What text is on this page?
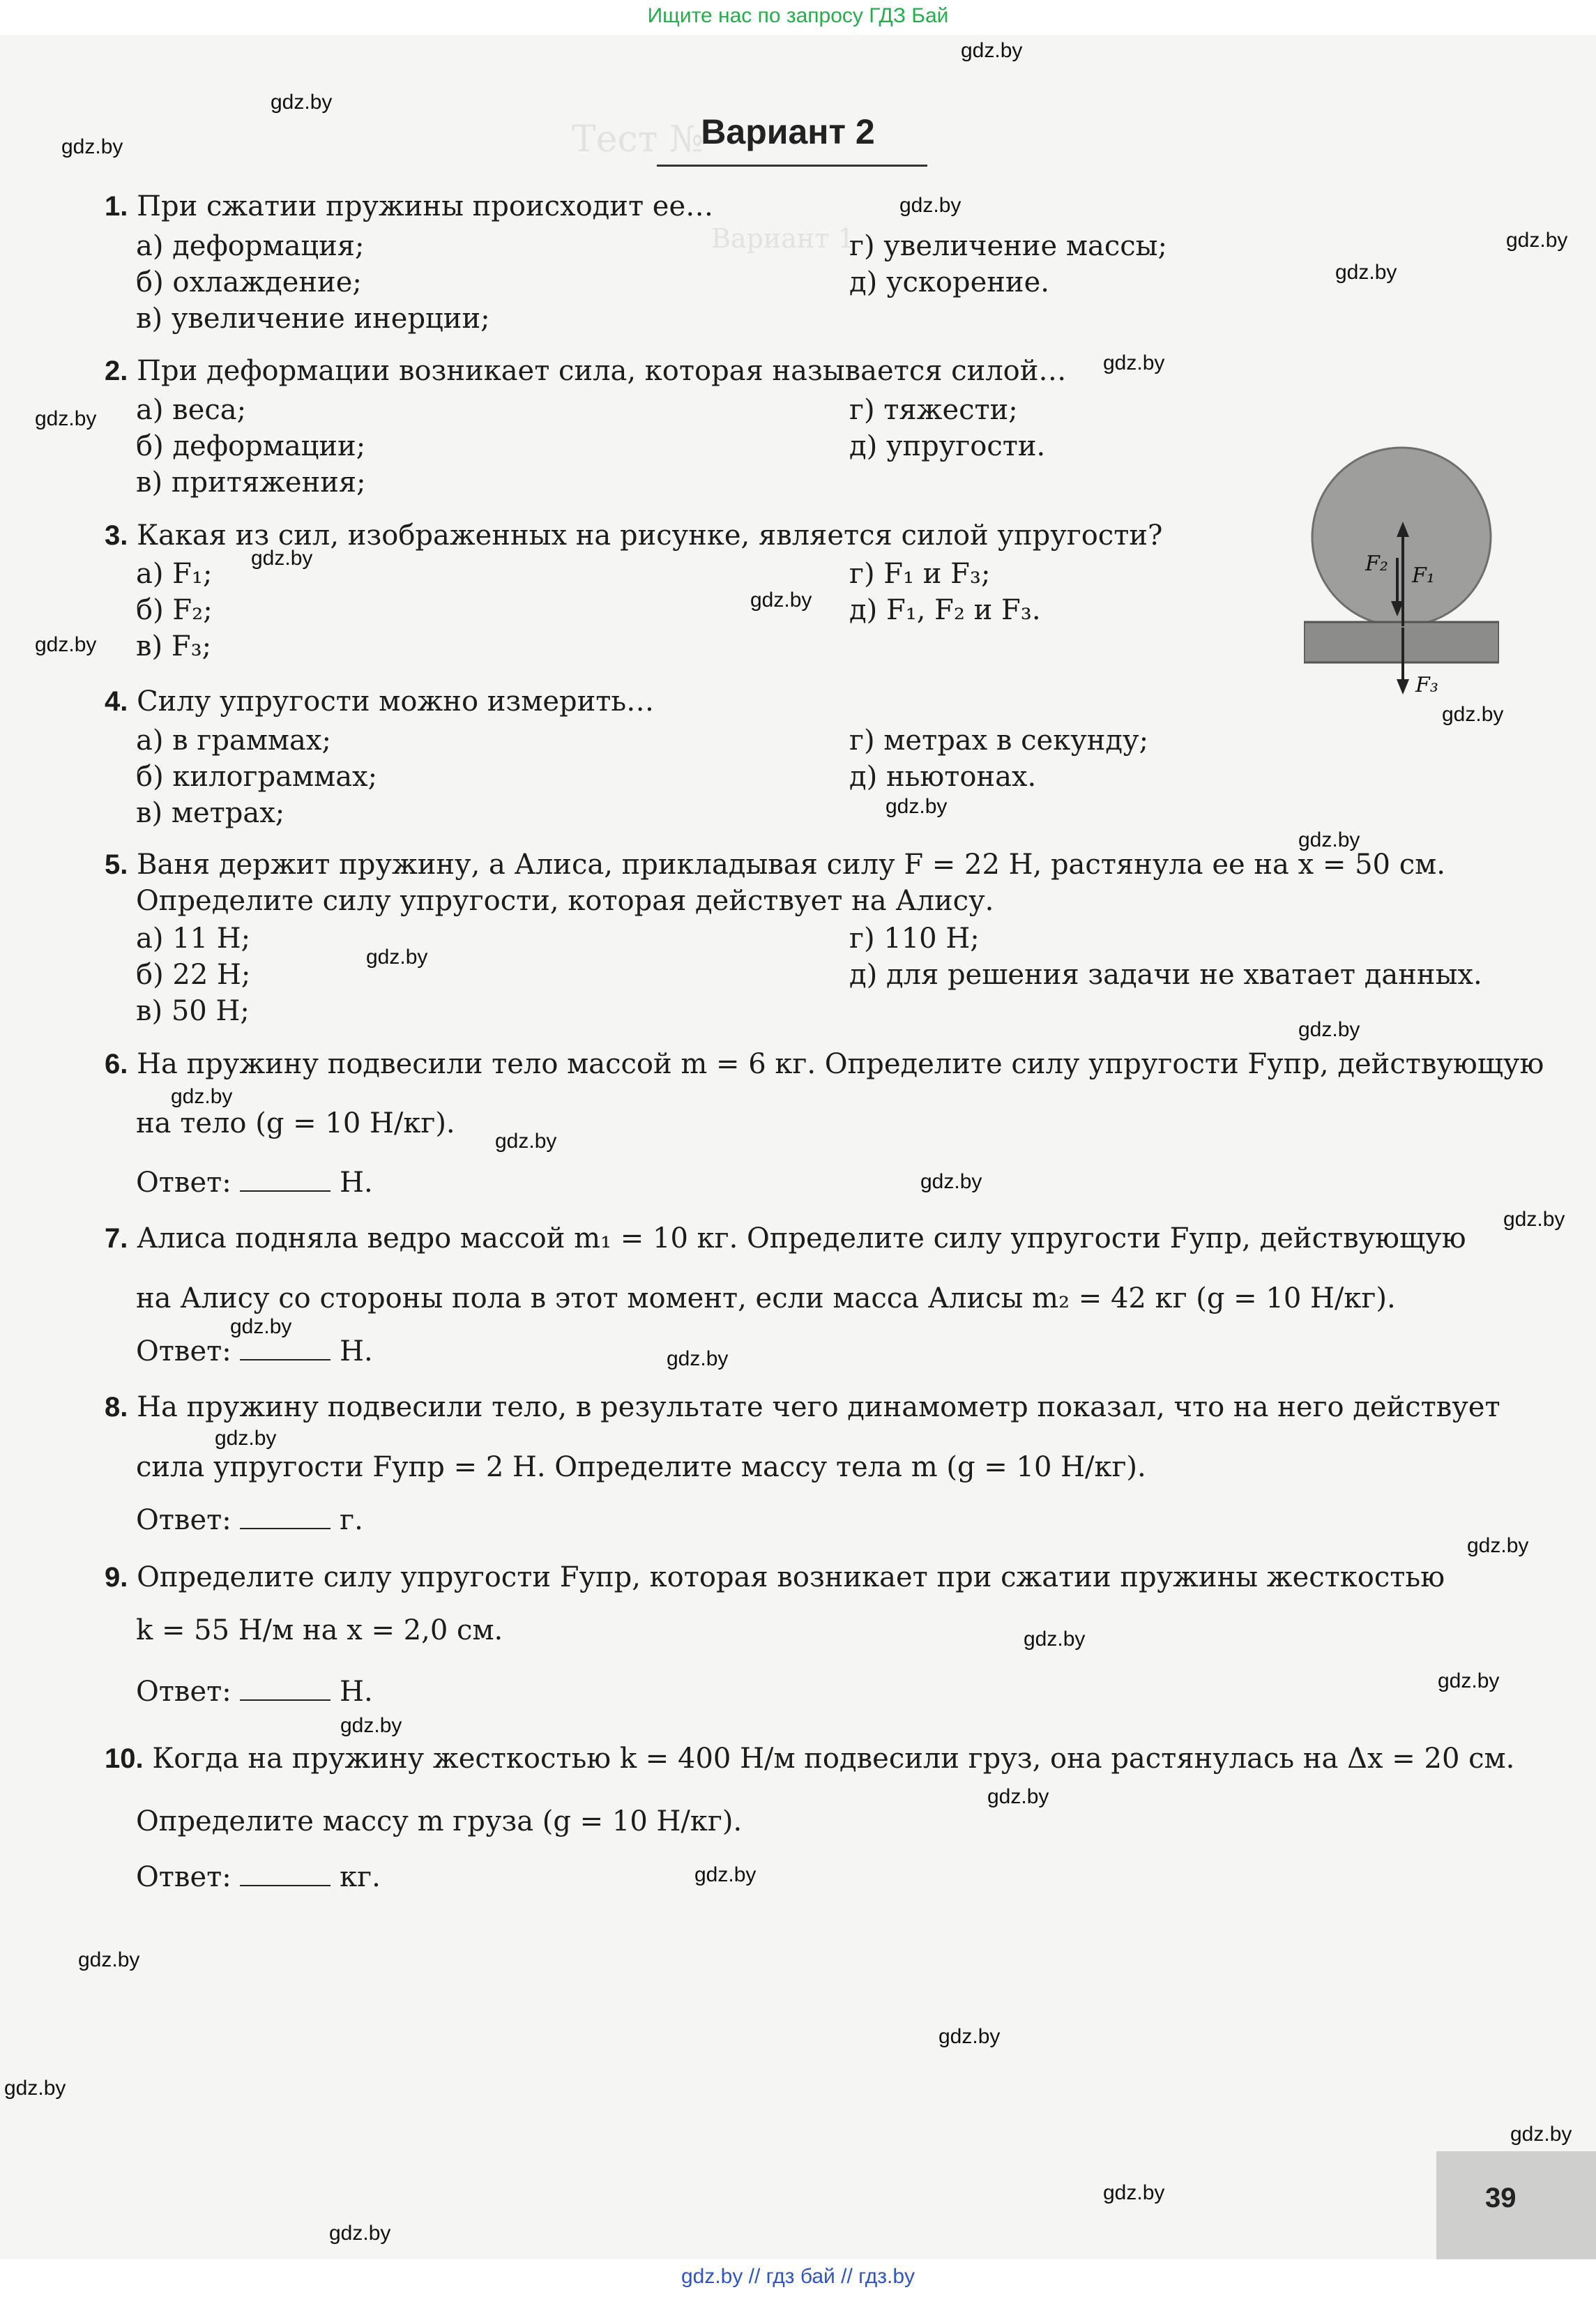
Ищите нас по запросу ГДЗ Бай
Тест №
Вариант 1
Вариант 2
1. При сжатии пружины происходит ее…
а) деформация;
б) охлаждение;
в) увеличение инерции;
г) увеличение массы;
д) ускорение.
2. При деформации возникает сила, которая называется силой…
а) веса;
б) деформации;
в) притяжения;
г) тяжести;
д) упругости.
3. Какая из сил, изображенных на рисунке, является силой упругости?
а) F₁;
б) F₂;
в) F₃;
г) F₁ и F₃;
д) F₁, F₂ и F₃.
F₂ F₁
F₃
4. Силу упругости можно измерить…
а) в граммах;
б) килограммах;
в) метрах;
г) метрах в секунду;
д) ньютонах.
5. Ваня держит пружину, а Алиса, прикладывая силу F = 22 Н, растянула ее на x = 50 см.
Определите силу упругости, которая действует на Алису.
а) 11 Н;
б) 22 Н;
в) 50 Н;
г) 110 Н;
д) для решения задачи не хватает данных.
6. На пружину подвесили тело массой m = 6 кг. Определите силу упругости Fупр, действующую
на тело (g = 10 Н/кг).
Ответ:	Н.
7. Алиса подняла ведро массой m₁ = 10 кг. Определите силу упругости Fупр, действующую
на Алису со стороны пола в этот момент, если масса Алисы m₂ = 42 кг (g = 10 Н/кг).
Ответ:	Н.
8. На пружину подвесили тело, в результате чего динамометр показал, что на него действует
сила упругости Fупр = 2 Н. Определите массу тела m (g = 10 Н/кг).
Ответ:	г.
9. Определите силу упругости Fупр, которая возникает при сжатии пружины жесткостью
k = 55 Н/м на x = 2,0 см.
Ответ:	Н.
10. Когда на пружину жесткостью k = 400 Н/м подвесили груз, она растянулась на Δx = 20 см.
Определите массу m груза (g = 10 Н/кг).
Ответ:	кг.
gdz.by
gdz.by
gdz.by
gdz.by
gdz.by
gdz.by
gdz.by
gdz.by
gdz.by
gdz.by
gdz.by
gdz.by
gdz.by
gdz.by
gdz.by
gdz.by
gdz.by
gdz.by
gdz.by
gdz.by
gdz.by
gdz.by
gdz.by
gdz.by
gdz.by
gdz.by
gdz.by
gdz.by
gdz.by
gdz.by
gdz.by
gdz.by
gdz.by
gdz.by
gdz.by
39
gdz.by // гдз бай // гдз.by
